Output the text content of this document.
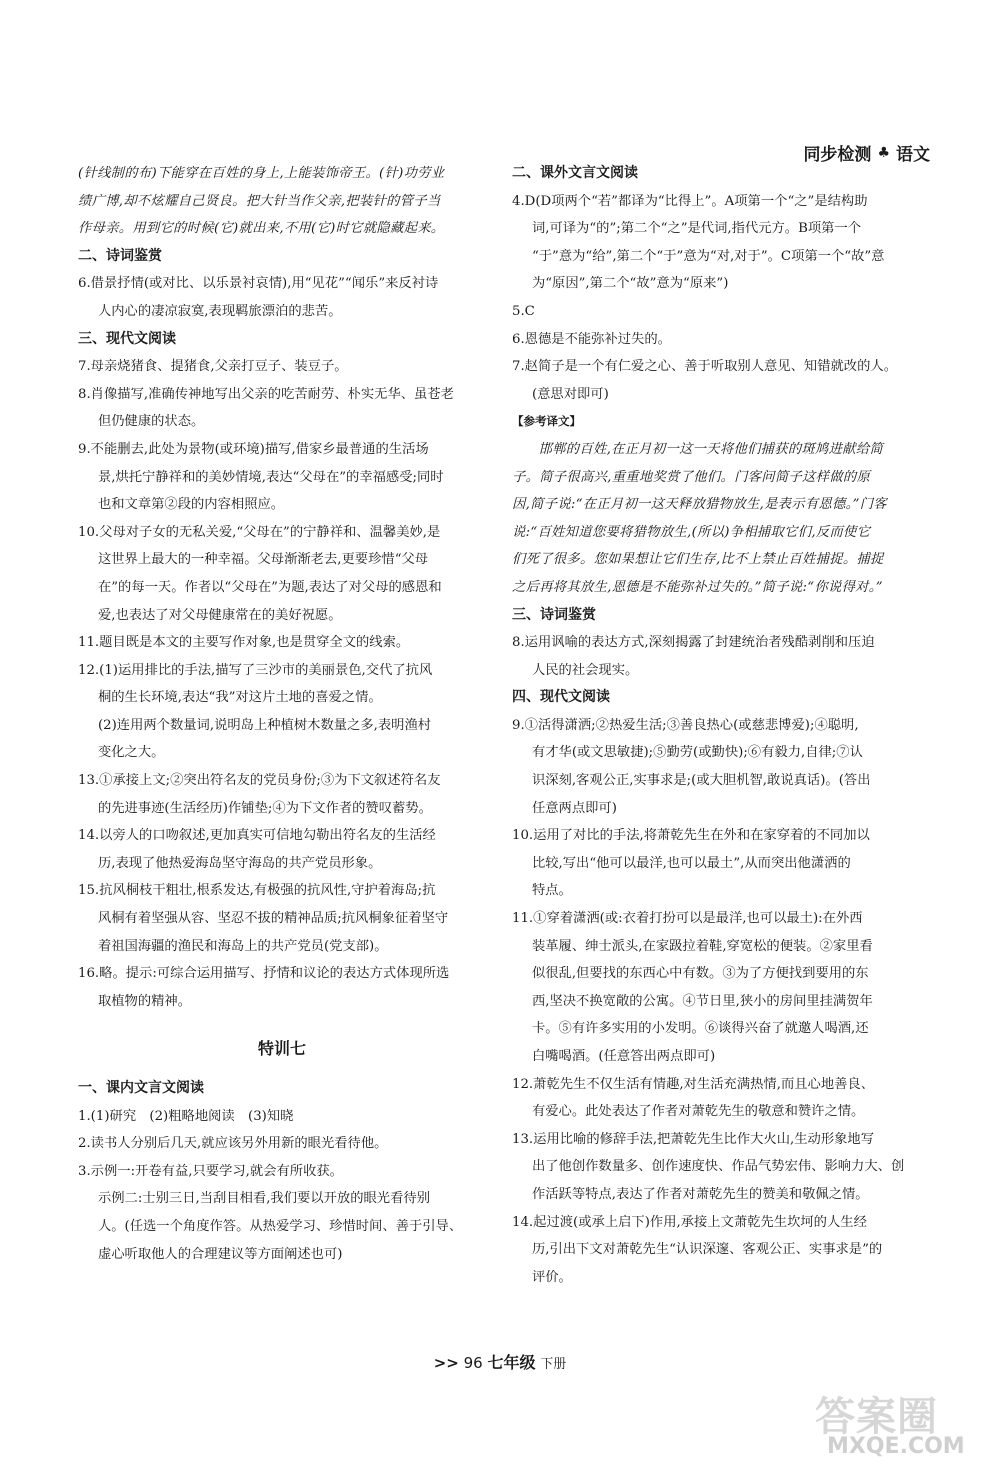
同步检测 ♣ 语文

(针线制的布)下能穿在百姓的身上,上能装饰帝王。(针)功劳业

绩广博,却不炫耀自己贤良。把大针当作父亲,把装针的管子当

作母亲。用到它的时候(它)就出来,不用(它)时它就隐藏起来。

二、诗词鉴赏

6.借景抒情(或对比、以乐景衬哀情),用“见花”“闻乐”来反衬诗

人内心的凄凉寂寞,表现羁旅漂泊的悲苦。

三、现代文阅读

7.母亲烧猪食、提猪食,父亲打豆子、装豆子。

8.肖像描写,准确传神地写出父亲的吃苦耐劳、朴实无华、虽苍老

但仍健康的状态。

9.不能删去,此处为景物(或环境)描写,借家乡最普通的生活场

景,烘托宁静祥和的美妙情境,表达“父母在”的幸福感受;同时

也和文章第②段的内容相照应。

10.父母对子女的无私关爱,“父母在”的宁静祥和、温馨美妙,是

这世界上最大的一种幸福。父母渐渐老去,更要珍惜“父母

在”的每一天。作者以“父母在”为题,表达了对父母的感恩和

爱,也表达了对父母健康常在的美好祝愿。

11.题目既是本文的主要写作对象,也是贯穿全文的线索。

12.(1)运用排比的手法,描写了三沙市的美丽景色,交代了抗风

桐的生长环境,表达“我”对这片土地的喜爱之情。

(2)连用两个数量词,说明岛上种植树木数量之多,表明渔村

变化之大。

13.①承接上文;②突出符名友的党员身份;③为下文叙述符名友

的先进事迹(生活经历)作铺垫;④为下文作者的赞叹蓄势。

14.以旁人的口吻叙述,更加真实可信地勾勒出符名友的生活经

历,表现了他热爱海岛坚守海岛的共产党员形象。

15.抗风桐枝干粗壮,根系发达,有极强的抗风性,守护着海岛;抗

风桐有着坚强从容、坚忍不拔的精神品质;抗风桐象征着坚守

着祖国海疆的渔民和海岛上的共产党员(党支部)。

16.略。提示:可综合运用描写、抒情和议论的表达方式体现所选

取植物的精神。

特训七

一、课内文言文阅读

1.(1)研究　(2)粗略地阅读　(3)知晓

2.读书人分别后几天,就应该另外用新的眼光看待他。

3.示例一:开卷有益,只要学习,就会有所收获。

示例二:士别三日,当刮目相看,我们要以开放的眼光看待别

人。(任选一个角度作答。从热爱学习、珍惜时间、善于引导、

虚心听取他人的合理建议等方面阐述也可)

二、课外文言文阅读

4.D(D项两个“若”都译为“比得上”。A项第一个“之”是结构助

词,可译为“的”;第二个“之”是代词,指代元方。B项第一个

“于”意为“给”,第二个“于”意为“对,对于”。C项第一个“故”意

为“原因”,第二个“故”意为“原来”)

5.C

6.恩德是不能弥补过失的。

7.赵简子是一个有仁爱之心、善于听取别人意见、知错就改的人。

(意思对即可)

【参考译文】

邯郸的百姓,在正月初一这一天将他们捕获的斑鸠进献给简

子。简子很高兴,重重地奖赏了他们。门客问简子这样做的原

因,简子说:“在正月初一这天释放猎物放生,是表示有恩德。”门客

说:“百姓知道您要将猎物放生,(所以)争相捕取它们,反而使它

们死了很多。您如果想让它们生存,比不上禁止百姓捕捉。捕捉

之后再将其放生,恩德是不能弥补过失的。”简子说:“你说得对。”

三、诗词鉴赏

8.运用讽喻的表达方式,深刻揭露了封建统治者残酷剥削和压迫

人民的社会现实。

四、现代文阅读

9.①活得潇洒;②热爱生活;③善良热心(或慈悲博爱);④聪明,

有才华(或文思敏捷);⑤勤劳(或勤快);⑥有毅力,自律;⑦认

识深刻,客观公正,实事求是;(或大胆机智,敢说真话)。(答出

任意两点即可)

10.运用了对比的手法,将萧乾先生在外和在家穿着的不同加以

比较,写出“他可以最洋,也可以最土”,从而突出他潇洒的

特点。

11.①穿着潇洒(或:衣着打扮可以是最洋,也可以最土):在外西

装革履、绅士派头,在家趿拉着鞋,穿宽松的便装。②家里看

似很乱,但要找的东西心中有数。③为了方便找到要用的东

西,坚决不换宽敞的公寓。④节日里,狭小的房间里挂满贺年

卡。⑤有许多实用的小发明。⑥谈得兴奋了就邀人喝酒,还

白嘴喝酒。(任意答出两点即可)

12.萧乾先生不仅生活有情趣,对生活充满热情,而且心地善良、

有爱心。此处表达了作者对萧乾先生的敬意和赞许之情。

13.运用比喻的修辞手法,把萧乾先生比作大火山,生动形象地写

出了他创作数量多、创作速度快、作品气势宏伟、影响力大、创

作活跃等特点,表达了作者对萧乾先生的赞美和敬佩之情。

14.起过渡(或承上启下)作用,承接上文萧乾先生坎坷的人生经

历,引出下文对萧乾先生“认识深邃、客观公正、实事求是”的

评价。

>> 96 七年级 下册
答案圈
MXQE.COM
